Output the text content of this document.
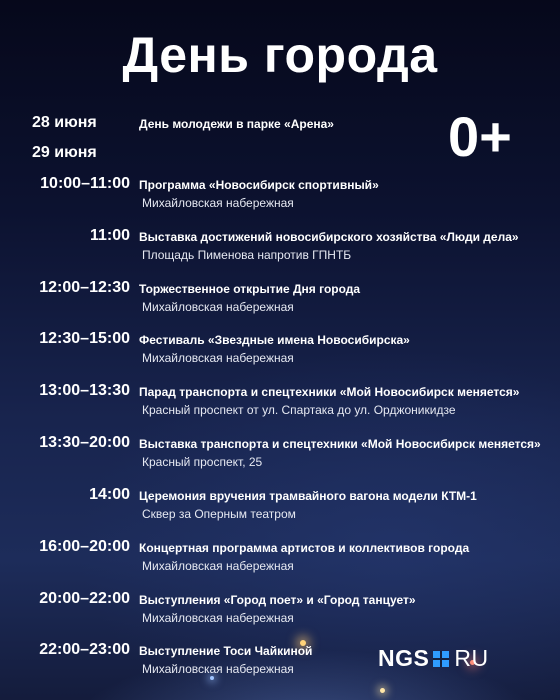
День города
0+
28 июня	День молодежи в парке «Арена»
29 июня
10:00–11:00 Программа «Новосибирск спортивный»
Михайловская набережная
11:00 Выставка достижений новосибирского хозяйства «Люди дела»
Площадь Пименова напротив ГПНТБ
12:00–12:30 Торжественное открытие Дня города
Михайловская набережная
12:30–15:00 Фестиваль «Звездные имена Новосибирска»
Михайловская набережная
13:00–13:30 Парад транспорта и спецтехники «Мой Новосибирск меняется»
Красный проспект от ул. Спартака до ул. Орджоникидзе
13:30–20:00 Выставка транспорта и спецтехники «Мой Новосибирск меняется»
Красный проспект, 25
14:00 Церемония вручения трамвайного вагона модели КТМ-1
Сквер за Оперным театром
16:00–20:00 Концертная программа артистов и коллективов города
Михайловская набережная
20:00–22:00 Выступления «Город поет» и «Город танцует»
Михайловская набережная
22:00–23:00 Выступление Тоси Чайкиной
Михайловская набережная	NGS RU
